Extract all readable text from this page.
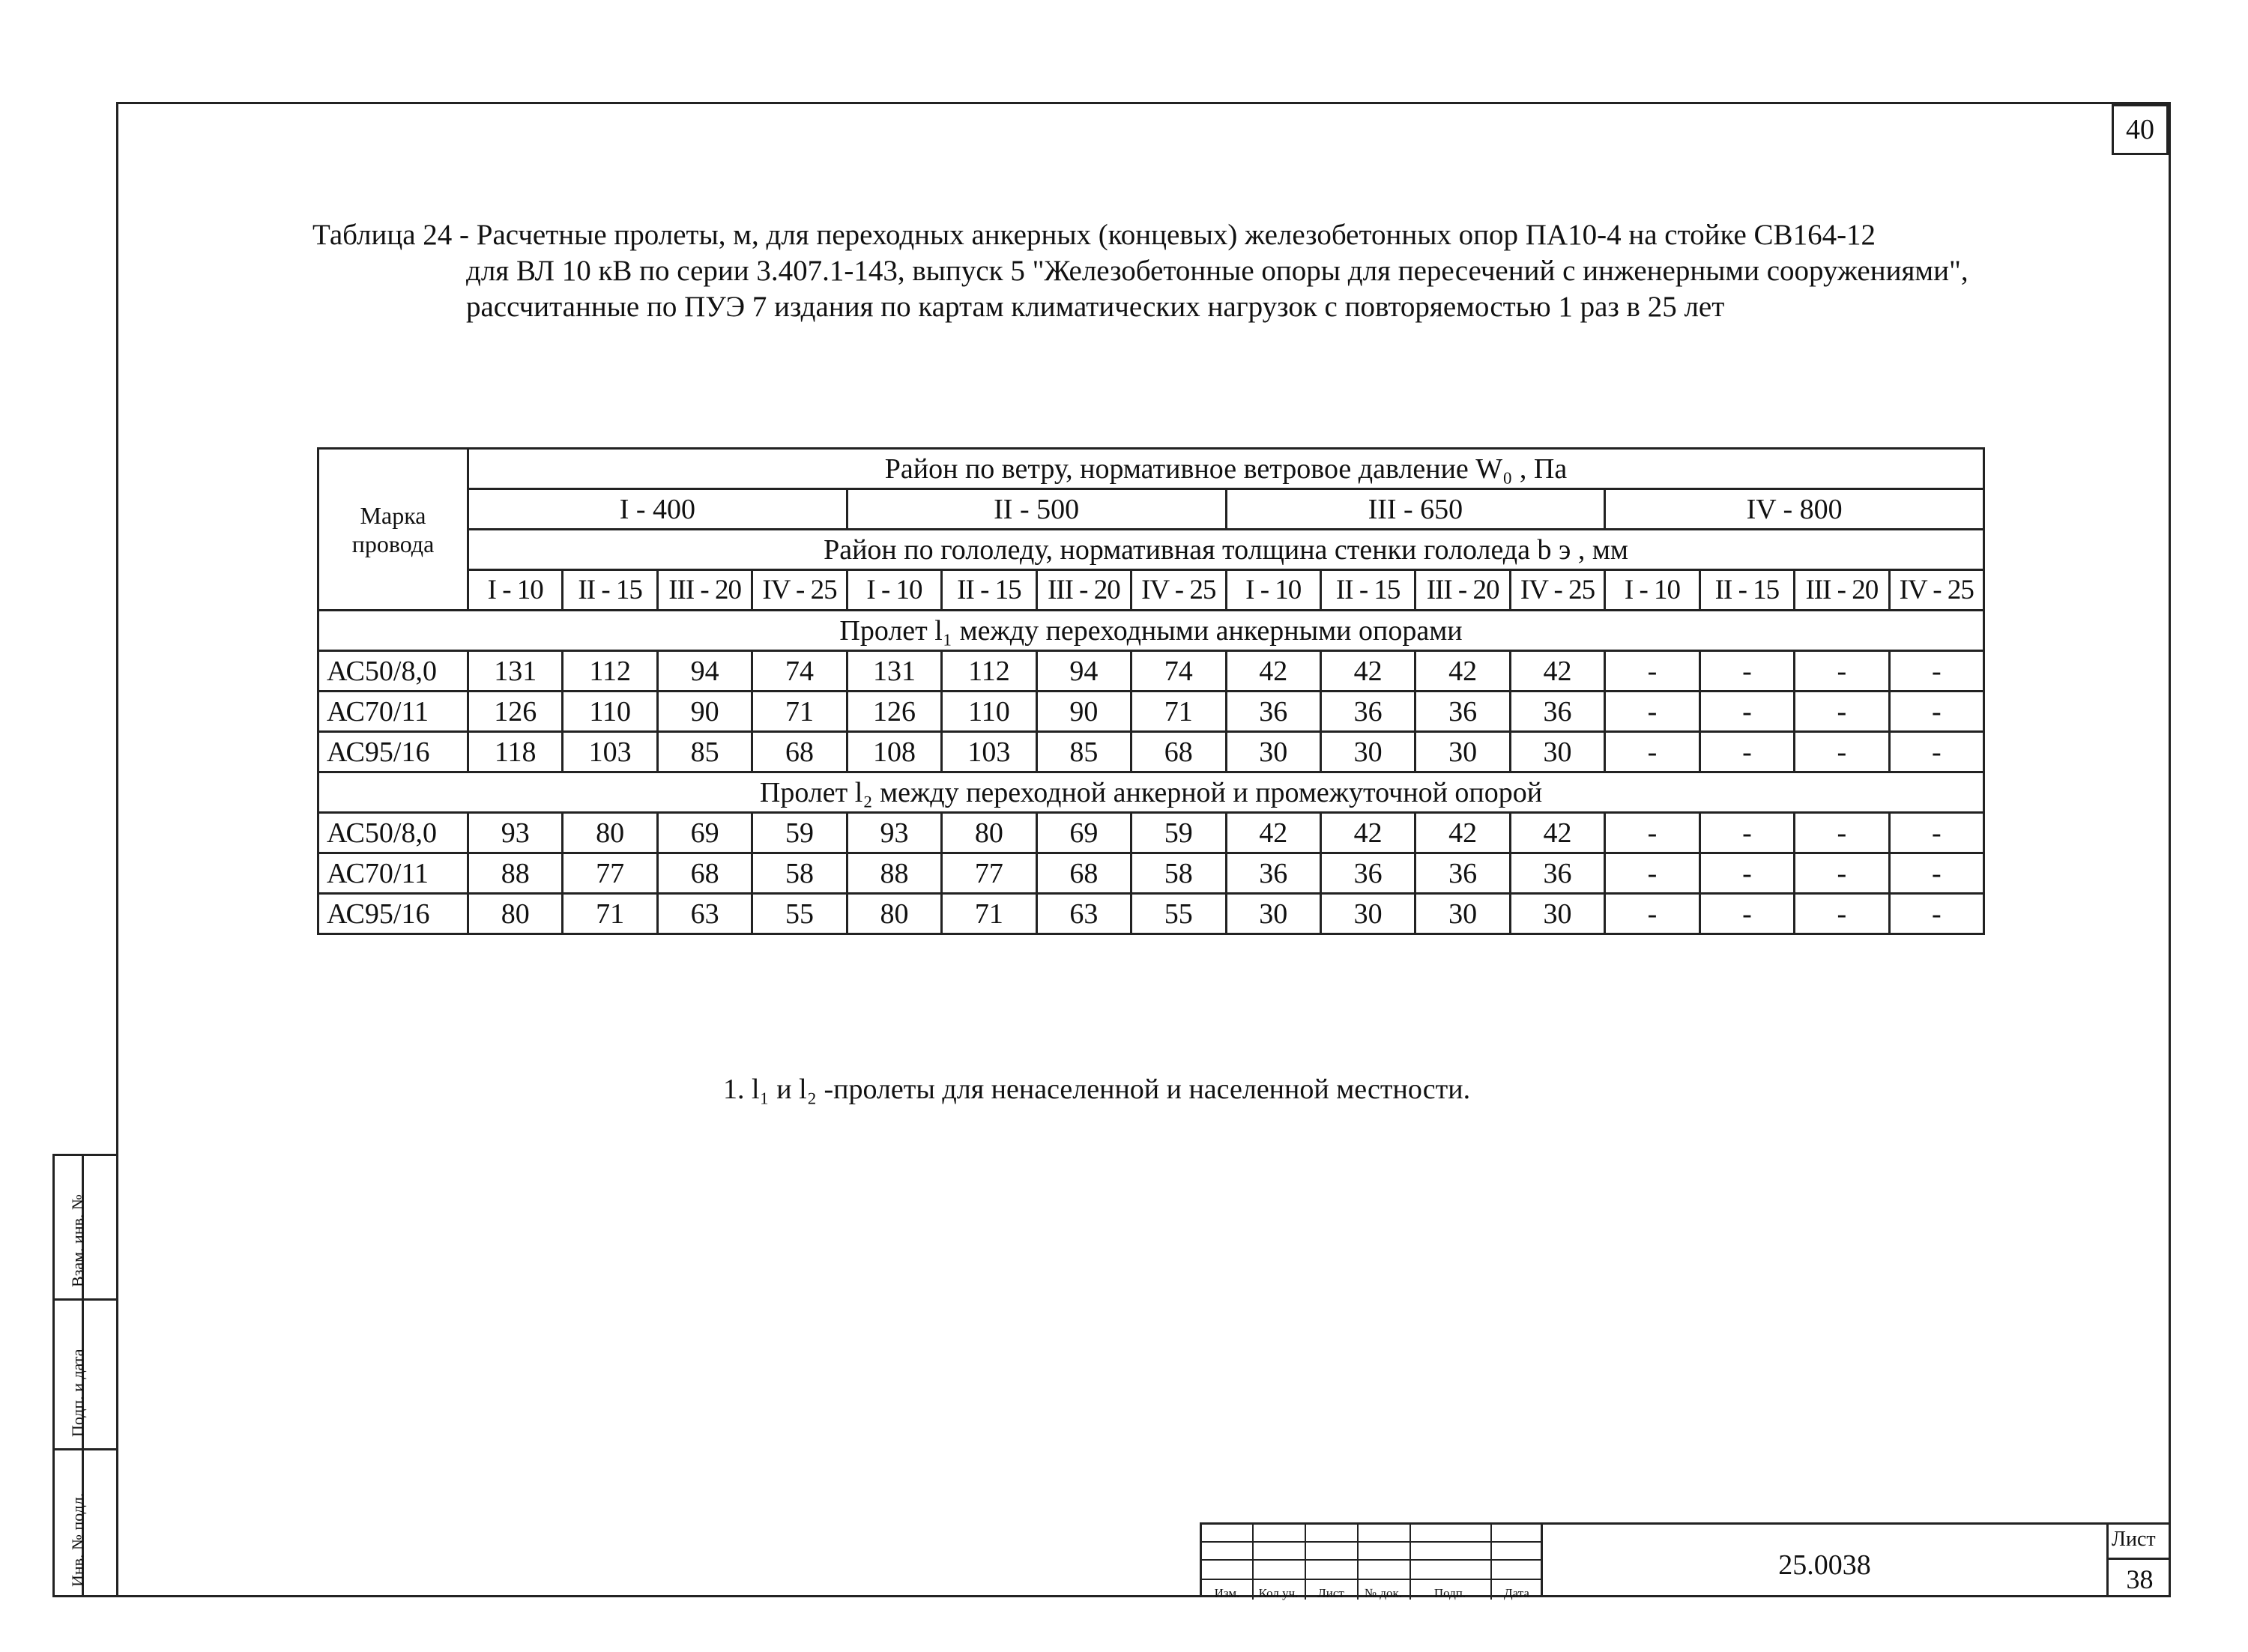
40
Таблица 24 - Расчетные пролеты, м, для переходных анкерных (концевых) железобетонных опор ПА10-4 на стойке СВ164-12
для ВЛ 10 кВ по серии 3.407.1-143, выпуск 5 "Железобетонные опоры для пересечений с инженерными сооружениями",
рассчитанные по ПУЭ 7 издания по картам климатических нагрузок с повторяемостью 1 раз в 25 лет
Марка провода	Район по ветру, нормативное ветровое давление W₀ , Па															
	I - 400				II - 500				III - 650				IV - 800			
	Район по гололеду, нормативная толщина стенки гололеда b э , мм															
	I - 10	II - 15	III - 20	IV - 25	I - 10	II - 15	III - 20	IV - 25	I - 10	II - 15	III - 20	IV - 25	I - 10	II - 15	III - 20	IV - 25
Пролет l₁ между переходными анкерными опорами																
АС50/8,0	131	112	94	74	131	112	94	74	42	42	42	42	-	-	-	-
АС70/11	126	110	90	71	126	110	90	71	36	36	36	36	-	-	-	-
АС95/16	118	103	85	68	108	103	85	68	30	30	30	30	-	-	-	-
Пролет l₂ между переходной анкерной и промежуточной опорой																
АС50/8,0	93	80	69	59	93	80	69	59	42	42	42	42	-	-	-	-
АС70/11	88	77	68	58	88	77	68	58	36	36	36	36	-	-	-	-
АС95/16	80	71	63	55	80	71	63	55	30	30	30	30	-	-	-	-
1. l₁ и l₂ -пролеты для ненаселенной и населенной местности.
Взам. инв. №
Подп. и дата
Инв. № подл.
Изм.	Кол.уч.	Лист	№ док.	Подп.	Дата
25.0038
Лист
38
